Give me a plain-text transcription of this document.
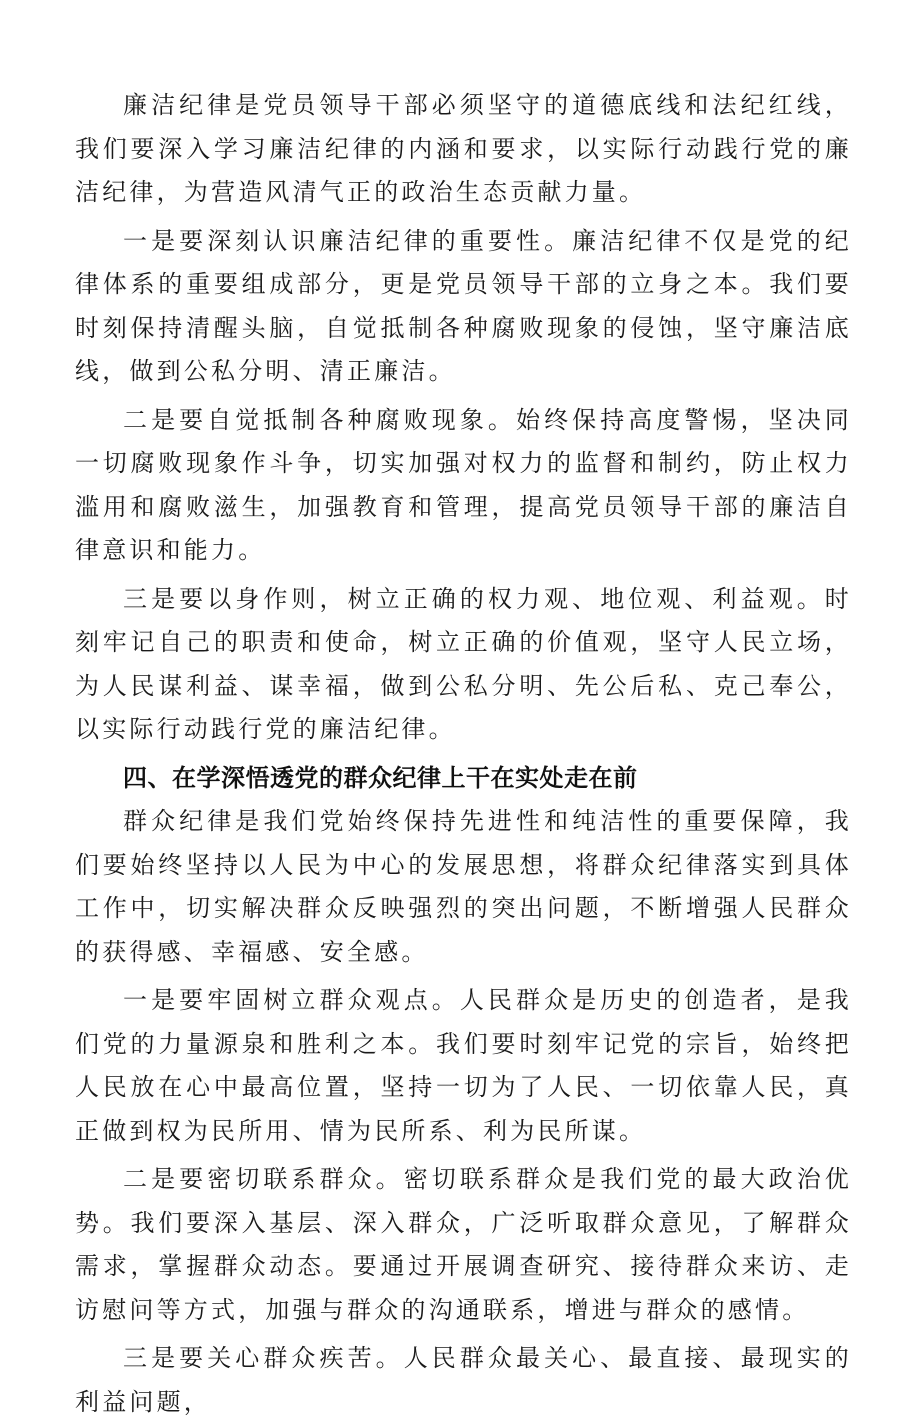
廉洁纪律是党员领导干部必须坚守的道德底线和法纪红线，我们要深入学习廉洁纪律的内涵和要求，以实际行动践行党的廉洁纪律，为营造风清气正的政治生态贡献力量。

一是要深刻认识廉洁纪律的重要性。廉洁纪律不仅是党的纪律体系的重要组成部分，更是党员领导干部的立身之本。我们要时刻保持清醒头脑，自觉抵制各种腐败现象的侵蚀，坚守廉洁底线，做到公私分明、清正廉洁。

二是要自觉抵制各种腐败现象。始终保持高度警惕，坚决同一切腐败现象作斗争，切实加强对权力的监督和制约，防止权力滥用和腐败滋生，加强教育和管理，提高党员领导干部的廉洁自律意识和能力。

三是要以身作则，树立正确的权力观、地位观、利益观。时刻牢记自己的职责和使命，树立正确的价值观，坚守人民立场，为人民谋利益、谋幸福，做到公私分明、先公后私、克己奉公，以实际行动践行党的廉洁纪律。

四、在学深悟透党的群众纪律上干在实处走在前

群众纪律是我们党始终保持先进性和纯洁性的重要保障，我们要始终坚持以人民为中心的发展思想，将群众纪律落实到具体工作中，切实解决群众反映强烈的突出问题，不断增强人民群众的获得感、幸福感、安全感。

一是要牢固树立群众观点。人民群众是历史的创造者，是我们党的力量源泉和胜利之本。我们要时刻牢记党的宗旨，始终把人民放在心中最高位置，坚持一切为了人民、一切依靠人民，真正做到权为民所用、情为民所系、利为民所谋。

二是要密切联系群众。密切联系群众是我们党的最大政治优势。我们要深入基层、深入群众，广泛听取群众意见，了解群众需求，掌握群众动态。要通过开展调查研究、接待群众来访、走访慰问等方式，加强与群众的沟通联系，增进与群众的感情。

三是要关心群众疾苦。人民群众最关心、最直接、最现实的利益问题，
